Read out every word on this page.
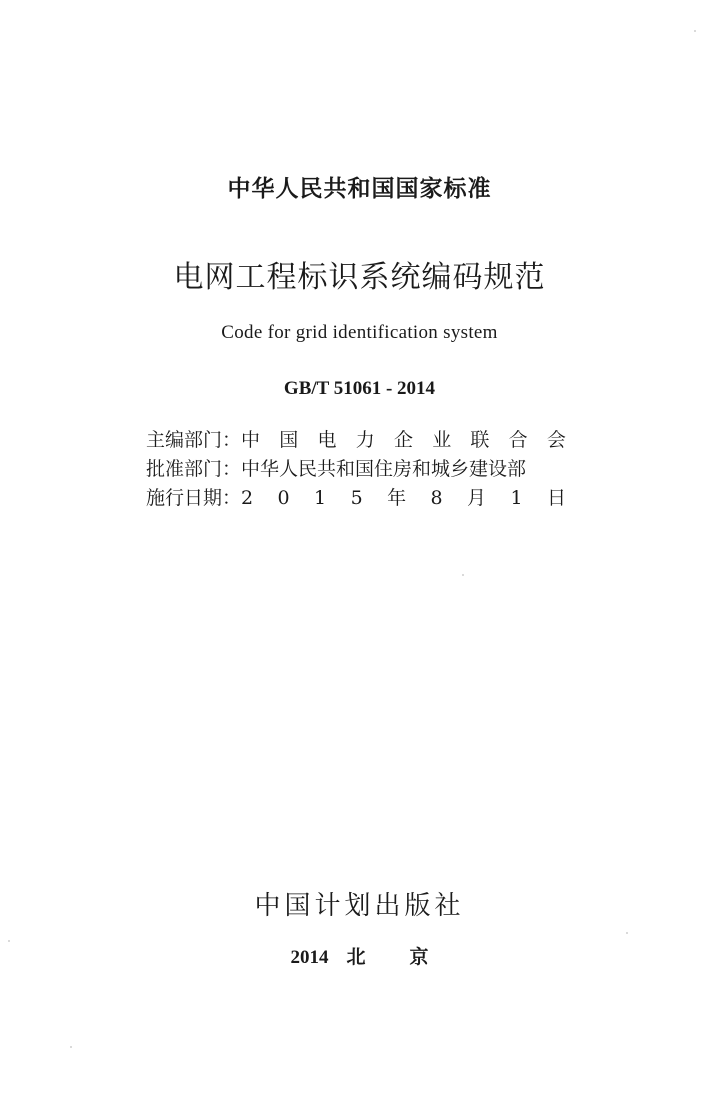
中华人民共和国国家标准
电网工程标识系统编码规范
Code for grid identification system
GB/T 51061 - 2014
主编部门： 中 国 电 力 企 业 联 合 会
批准部门： 中华人民共和国住房和城乡建设部
施行日期： 2 0 1 5 年 8 月 1 日
中国计划出版社
2014 北 京
